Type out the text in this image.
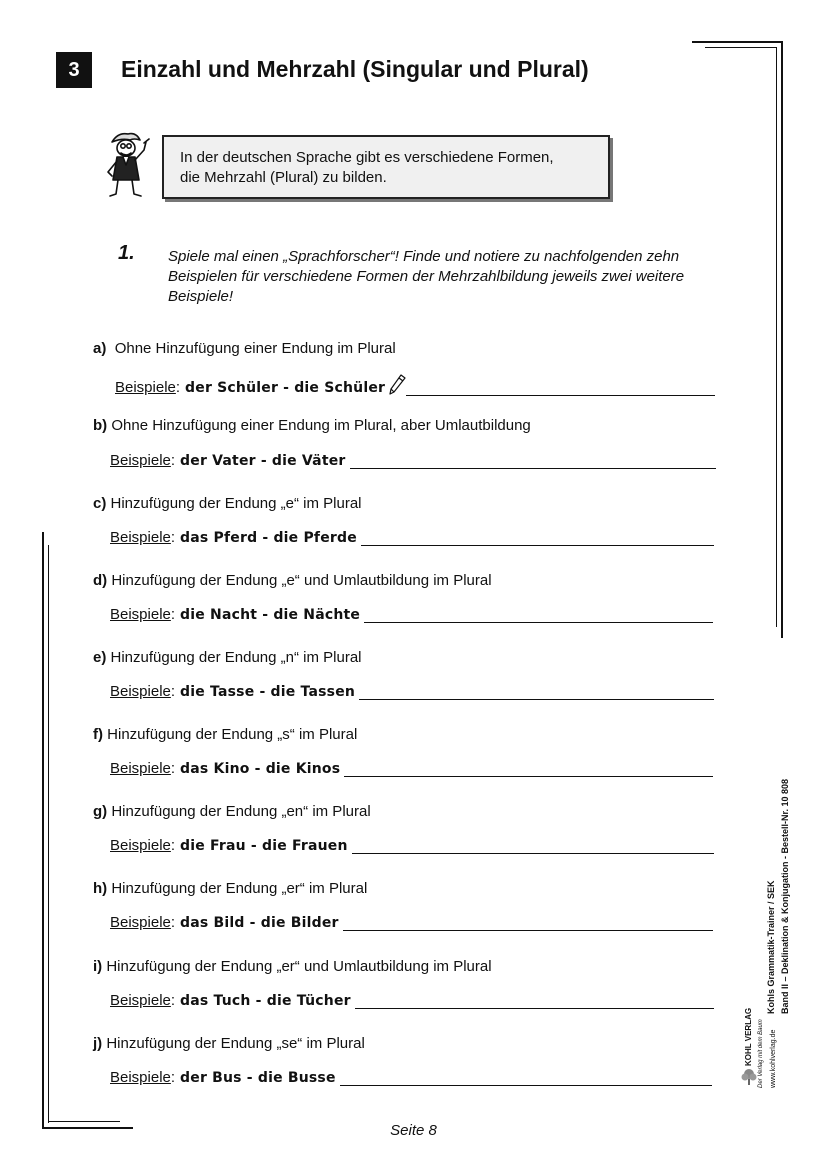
3 Einzahl und Mehrzahl (Singular und Plural)
In der deutschen Sprache gibt es verschiedene Formen,
die Mehrzahl (Plural) zu bilden.
1. Spiele mal einen „Sprachforscher“! Finde und notiere zu nachfolgenden zehn
Beispielen für verschiedene Formen der Mehrzahlbildung jeweils zwei weitere
Beispiele!
a) Ohne Hinzufügung einer Endung im Plural
Beispiele : der Schüler - die Schüler
b) Ohne Hinzufügung einer Endung im Plural, aber Umlautbildung
Beispiele : der Vater - die Väter
c) Hinzufügung der Endung „e“ im Plural
Beispiele : das Pferd - die Pferde
d) Hinzufügung der Endung „e“ und Umlautbildung im Plural
Beispiele : die Nacht - die Nächte
e) Hinzufügung der Endung „n“ im Plural
Beispiele : die Tasse - die Tassen
f) Hinzufügung der Endung „s“ im Plural
Beispiele : das Kino - die Kinos
g) Hinzufügung der Endung „en“ im Plural
Beispiele : die Frau - die Frauen
h) Hinzufügung der Endung „er“ im Plural
Beispiele : das Bild - die Bilder
i) Hinzufügung der Endung „er“ und Umlautbildung im Plural
Beispiele : das Tuch - die Tücher
j) Hinzufügung der Endung „se“ im Plural
Beispiele : der Bus - die Busse
Kohls Grammatik-Trainer / SEK Band II – Deklination & Konjugation - Bestell-Nr. 10 808
KOHL VERLAG Der Verlag mit dem Baum www.kohlverlag.de
Seite 8
